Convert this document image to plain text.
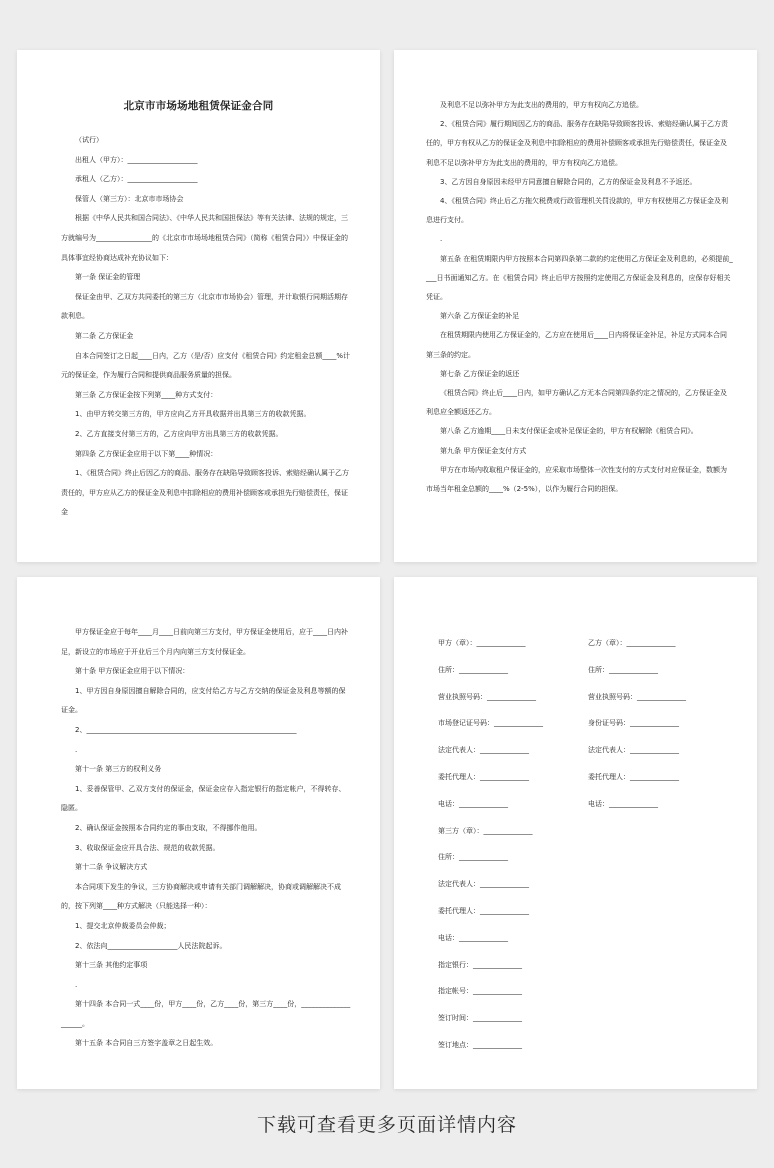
北京市市场场地租赁保证金合同

（试行）

出租人（甲方）：____________________

承租人（乙方）：____________________

保管人（第三方）：北京市市场协会

根据《中华人民共和国合同法》、《中华人民共和国担保法》等有关法律、法规的规定，三方就编号为________________的《北京市市场场地租赁合同》（简称《租赁合同》）中保证金的具体事宜经协商达成补充协议如下：

第一条 保证金的管理

保证金由甲、乙双方共同委托的第三方（北京市市场协会）管理，并计取银行同期活期存款利息。

第二条 乙方保证金

自本合同签订之日起____日内，乙方（是/否）应支付《租赁合同》约定租金总额____%计元的保证金，作为履行合同和提供商品服务质量的担保。

第三条 乙方保证金按下列第____种方式支付：

1、由甲方转交第三方的，甲方应向乙方开具收据并出具第三方的收款凭据。

2、乙方直接支付第三方的，乙方应向甲方出具第三方的收款凭据。

第四条 乙方保证金应用于以下第____种情况：

1、《租赁合同》终止后因乙方的商品、服务存在缺陷导致顾客投诉、索赔经确认属于乙方责任的，甲方应从乙方的保证金及利息中扣除相应的费用补偿顾客或承担先行赔偿责任，保证金

及利息不足以弥补甲方为此支出的费用的，甲方有权向乙方追偿。

2、《租赁合同》履行期间因乙方的商品、服务存在缺陷导致顾客投诉、索赔经确认属于乙方责任的，甲方有权从乙方的保证金及利息中扣除相应的费用补偿顾客或承担先行赔偿责任，保证金及利息不足以弥补甲方为此支出的费用的，甲方有权向乙方追偿。

3、乙方因自身原因未经甲方同意擅自解除合同的，乙方的保证金及利息不予返还。

4、《租赁合同》终止后乙方拖欠税费或行政管理机关罚没款的，甲方有权使用乙方保证金及利息进行支付。

.

第五条 在租赁期限内甲方按照本合同第四条第二款的约定使用乙方保证金及利息的，必须提前____日书面通知乙方。在《租赁合同》终止后甲方按照约定使用乙方保证金及利息的，应保存好相关凭证。

第六条 乙方保证金的补足

在租赁期限内使用乙方保证金的，乙方应在使用后____日内将保证金补足，补足方式同本合同第三条的约定。

第七条 乙方保证金的返还

《租赁合同》终止后____日内，如甲方确认乙方无本合同第四条约定之情况的，乙方保证金及利息应全额返还乙方。

第八条 乙方逾期____日未支付保证金或补足保证金的，甲方有权解除《租赁合同》。

第九条 甲方保证金支付方式

甲方在市场内收取租户保证金的，应采取市场整体一次性支付的方式支付对应保证金，数额为市场当年租金总额的____%（2-5%），以作为履行合同的担保。

甲方保证金应于每年____月____日前向第三方支付，甲方保证金使用后，应于____日内补足，新设立的市场应于开业后三个月内向第三方支付保证金。

第十条 甲方保证金应用于以下情况：

1、甲方因自身原因擅自解除合同的，应支付给乙方与乙方交纳的保证金及利息等额的保证金。

2、____________________________________________________________

.

第十一条 第三方的权利义务

1、妥善保管甲、乙双方支付的保证金，保证金应存入指定银行的指定帐户，不得转存、隐匿。

2、确认保证金按照本合同约定的事由支取，不得挪作他用。

3、收取保证金应开具合法、规范的收款凭据。

第十二条 争议解决方式

本合同项下发生的争议，三方协商解决或申请有关部门调解解决，协商或调解解决不成的，按下列第____种方式解决（只能选择一种）：

1、提交北京仲裁委员会仲裁；

2、依法向____________________人民法院起诉。

第十三条 其他约定事项

.

第十四条 本合同一式____份，甲方____份，乙方____份，第三方____份，____________________。

第十五条 本合同自三方签字盖章之日起生效。

甲方（章）：______________

住所：______________

营业执照号码：______________

市场登记证号码：______________

法定代表人：______________

委托代理人：______________

电话：______________

第三方（章）：______________

住所：______________

法定代表人：______________

委托代理人：______________

电话：______________

指定银行：______________

指定帐号：______________

签订时间：______________

签订地点：______________

乙方（章）：______________

住所：______________

营业执照号码：______________

身份证号码：______________

法定代表人：______________

委托代理人：______________

电话：______________

下载可查看更多页面详情内容
